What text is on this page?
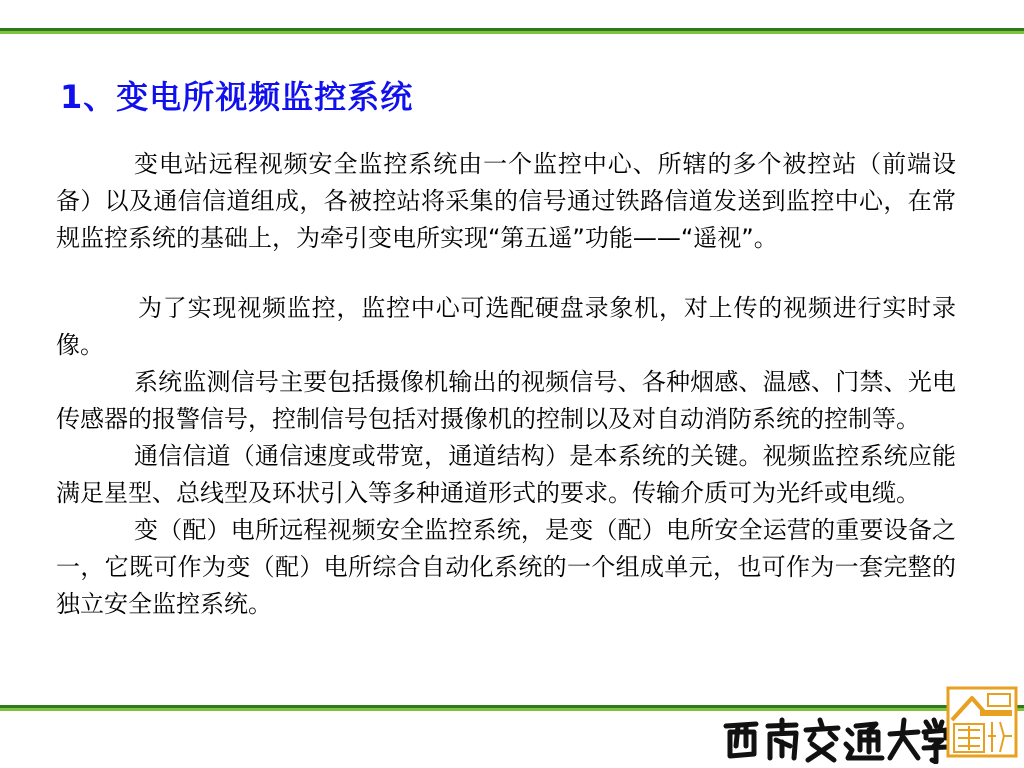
1、变电所视频监控系统

变电站远程视频安全监控系统由一个监控中心、所辖的多个被控站（前端设备）以及通信信道组成，各被控站将采集的信号通过铁路信道发送到监控中心，在常规监控系统的基础上，为牵引变电所实现“第五遥”功能——“遥视”。

为了实现视频监控，监控中心可选配硬盘录象机，对上传的视频进行实时录像。

系统监测信号主要包括摄像机输出的视频信号、各种烟感、温感、门禁、光电传感器的报警信号，控制信号包括对摄像机的控制以及对自动消防系统的控制等。

通信信道（通信速度或带宽，通道结构）是本系统的关键。视频监控系统应能满足星型、总线型及环状引入等多种通道形式的要求。传输介质可为光纤或电缆。

变（配）电所远程视频安全监控系统，是变（配）电所安全运营的重要设备之一，它既可作为变（配）电所综合自动化系统的一个组成单元，也可作为一套完整的独立安全监控系统。
